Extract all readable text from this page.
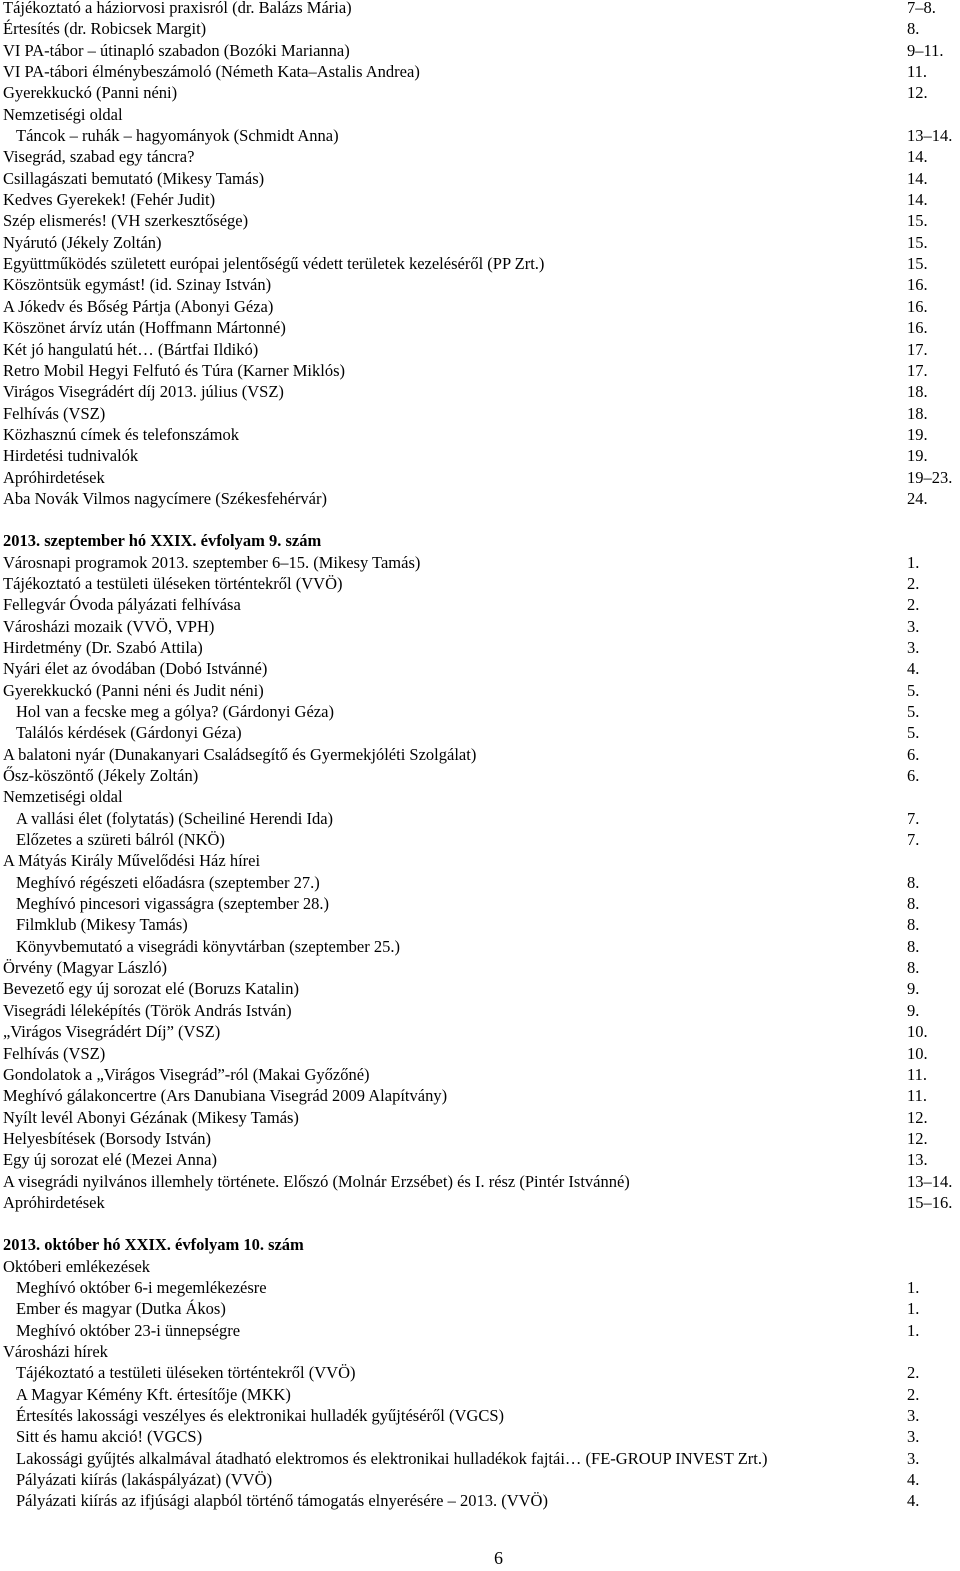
Tájékoztató a háziorvosi praxisról (dr. Balázs Mária)	7–8.
Értesítés (dr. Robicsek Margit)	8.
VI PA-tábor – útinapló szabadon (Bozóki Marianna)	9–11.
VI PA-tábori élménybeszámoló (Németh Kata–Astalis Andrea)	11.
Gyerekkuckó (Panni néni)	12.
Nemzetiségi oldal
Táncok – ruhák – hagyományok (Schmidt Anna)	13–14.
Visegrád, szabad egy táncra?	14.
Csillagászati bemutató (Mikesy Tamás)	14.
Kedves Gyerekek! (Fehér Judit)	14.
Szép elismerés! (VH szerkesztősége)	15.
Nyárutó (Jékely Zoltán)	15.
Együttműködés született európai jelentőségű védett területek kezeléséről (PP Zrt.)	15.
Köszöntsük egymást! (id. Szinay István)	16.
A Jókedv és Bőség Pártja (Abonyi Géza)	16.
Köszönet árvíz után (Hoffmann Mártonné)	16.
Két jó hangulatú hét… (Bártfai Ildikó)	17.
Retro Mobil Hegyi Felfutó és Túra (Karner Miklós)	17.
Virágos Visegrádért díj 2013. július (VSZ)	18.
Felhívás (VSZ)	18.
Közhasznú címek és telefonszámok	19.
Hirdetési tudnivalók	19.
Apróhirdetések	19–23.
Aba Novák Vilmos nagycímere (Székesfehérvár)	24.
2013. szeptember hó XXIX. évfolyam 9. szám
Városnapi programok 2013. szeptember 6–15. (Mikesy Tamás)	1.
Tájékoztató a testületi üléseken történtekről (VVÖ)	2.
Fellegvár Óvoda pályázati felhívása	2.
Városházi mozaik (VVÖ, VPH)	3.
Hirdetmény (Dr. Szabó Attila)	3.
Nyári élet az óvodában (Dobó Istvánné)	4.
Gyerekkuckó (Panni néni és Judit néni)	5.
Hol van a fecske meg a gólya? (Gárdonyi Géza)	5.
Találós kérdések (Gárdonyi Géza)	5.
A balatoni nyár (Dunakanyari Családsegítő és Gyermekjóléti Szolgálat)	6.
Ősz-köszöntő (Jékely Zoltán)	6.
Nemzetiségi oldal
A vallási élet (folytatás) (Scheiliné Herendi Ida)	7.
Előzetes a szüreti bálról (NKÖ)	7.
A Mátyás Király Művelődési Ház hírei
Meghívó régészeti előadásra (szeptember 27.)	8.
Meghívó pincesori vigasságra (szeptember 28.)	8.
Filmklub (Mikesy Tamás)	8.
Könyvbemutató a visegrádi könyvtárban (szeptember 25.)	8.
Örvény (Magyar László)	8.
Bevezető egy új sorozat elé (Boruzs Katalin)	9.
Visegrádi léleképítés (Török András István)	9.
„Virágos Visegrádért Díj” (VSZ)	10.
Felhívás (VSZ)	10.
Gondolatok a „Virágos Visegrád”-ról (Makai Győzőné)	11.
Meghívó gálakoncertre (Ars Danubiana Visegrád 2009 Alapítvány)	11.
Nyílt levél Abonyi Gézának (Mikesy Tamás)	12.
Helyesbítések (Borsody István)	12.
Egy új sorozat elé (Mezei Anna)	13.
A visegrádi nyilvános illemhely története. Előszó (Molnár Erzsébet) és I. rész (Pintér Istvánné)	13–14.
Apróhirdetések	15–16.
2013. október hó XXIX. évfolyam 10. szám
Októberi emlékezések
Meghívó október 6-i megemlékezésre	1.
Ember és magyar (Dutka Ákos)	1.
Meghívó október 23-i ünnepségre	1.
Városházi hírek
Tájékoztató a testületi üléseken történtekről (VVÖ)	2.
A Magyar Kémény Kft. értesítője (MKK)	2.
Értesítés lakossági veszélyes és elektronikai hulladék gyűjtéséről (VGCS)	3.
Sitt és hamu akció! (VGCS)	3.
Lakossági gyűjtés alkalmával átadható elektromos és elektronikai hulladékok fajtái… (FE-GROUP INVEST Zrt.)	3.
Pályázati kiírás (lakáspályázat) (VVÖ)	4.
Pályázati kiírás az ifjúsági alapból történő támogatás elnyerésére – 2013. (VVÖ)	4.
6
